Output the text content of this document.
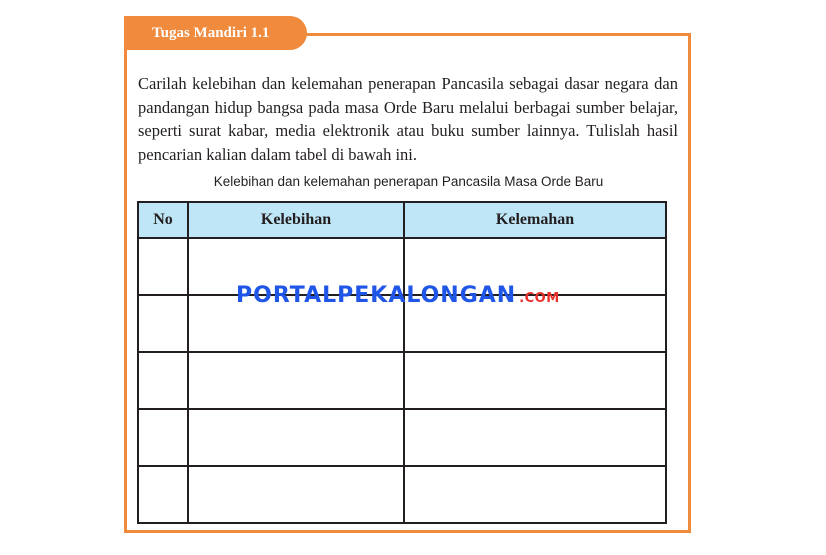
Tugas Mandiri 1.1
Carilah kelebihan dan kelemahan penerapan Pancasila sebagai dasar negara dan pandangan hidup bangsa pada masa Orde Baru melalui berbagai sumber belajar, seperti surat kabar, media elektronik atau buku sumber lainnya. Tulislah hasil pencarian kalian dalam tabel di bawah ini.
Kelebihan dan kelemahan penerapan Pancasila Masa Orde Baru
No	Kelebihan	Kelemahan

PORTALPEKALONGAN .COM
